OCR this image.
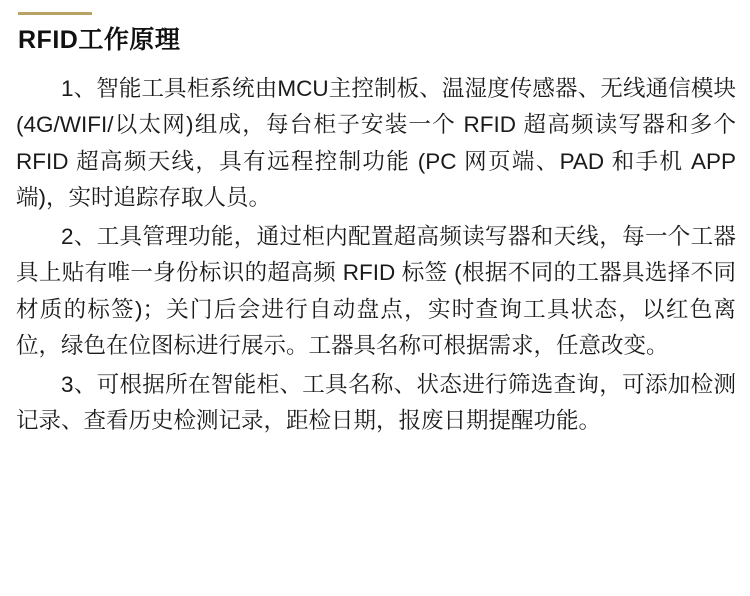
RFID工作原理

1、智能工具柜系统由MCU主控制板、温湿度传感器、无线通信模块(4G/WIFI/以太网)组成，每台柜子安装一个 RFID 超高频读写器和多个 RFID 超高频天线，具有远程控制功能 (PC 网页端、PAD 和手机 APP 端)，实时追踪存取人员。

2、工具管理功能，通过柜内配置超高频读写器和天线，每一个工器具上贴有唯一身份标识的超高频 RFID 标签 (根据不同的工器具选择不同材质的标签)；关门后会进行自动盘点，实时查询工具状态，以红色离位，绿色在位图标进行展示。工器具名称可根据需求，任意改变。

3、可根据所在智能柜、工具名称、状态进行筛选查询，可添加检测记录、查看历史检测记录，距检日期，报废日期提醒功能。
